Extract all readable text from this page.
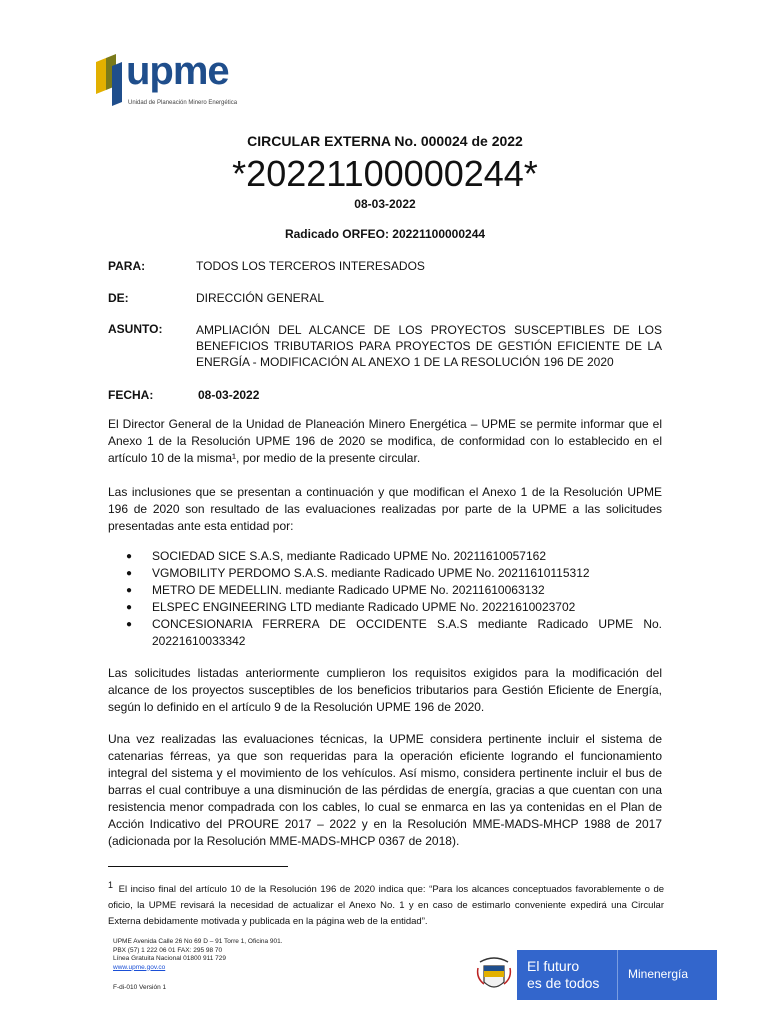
upme
Unidad de Planeación Minero Energética
CIRCULAR EXTERNA No. 000024 de 2022
*20221100000244*
08-03-2022
Radicado ORFEO: 20221100000244
PARA:	TODOS LOS TERCEROS INTERESADOS
DE:	DIRECCIÓN GENERAL
ASUNTO:	AMPLIACIÓN DEL ALCANCE DE LOS PROYECTOS SUSCEPTIBLES DE LOS BENEFICIOS TRIBUTARIOS PARA PROYECTOS DE GESTIÓN EFICIENTE DE LA ENERGÍA - MODIFICACIÓN AL ANEXO 1 DE LA RESOLUCIÓN 196 DE 2020
FECHA:	08-03-2022
El Director General de la Unidad de Planeación Minero Energética – UPME se permite informar que el Anexo 1 de la Resolución UPME 196 de 2020 se modifica, de conformidad con lo establecido en el artículo 10 de la misma¹, por medio de la presente circular.
Las inclusiones que se presentan a continuación y que modifican el Anexo 1 de la Resolución UPME 196 de 2020 son resultado de las evaluaciones realizadas por parte de la UPME a las solicitudes presentadas ante esta entidad por:
● SOCIEDAD SICE S.A.S, mediante Radicado UPME No. 20211610057162
● VGMOBILITY PERDOMO S.A.S. mediante Radicado UPME No. 20211610115312
● METRO DE MEDELLIN. mediante Radicado UPME No. 20211610063132
● ELSPEC ENGINEERING LTD mediante Radicado UPME No. 20221610023702
● CONCESIONARIA FERRERA DE OCCIDENTE S.A.S mediante Radicado UPME No. 20221610033342
Las solicitudes listadas anteriormente cumplieron los requisitos exigidos para la modificación del alcance de los proyectos susceptibles de los beneficios tributarios para Gestión Eficiente de Energía, según lo definido en el artículo 9 de la Resolución UPME 196 de 2020.
Una vez realizadas las evaluaciones técnicas, la UPME considera pertinente incluir el sistema de catenarias férreas, ya que son requeridas para la operación eficiente logrando el funcionamiento integral del sistema y el movimiento de los vehículos. Así mismo, considera pertinente incluir el bus de barras el cual contribuye a una disminución de las pérdidas de energía, gracias a que cuentan con una resistencia menor compadrada con los cables, lo cual se enmarca en las ya contenidas en el Plan de Acción Indicativo del PROURE 2017 – 2022 y en la Resolución MME-MADS-MHCP 1988 de 2017 (adicionada por la Resolución MME-MADS-MHCP 0367 de 2018).
1 El inciso final del artículo 10 de la Resolución 196 de 2020 indica que: “Para los alcances conceptuados favorablemente o de oficio, la UPME revisará la necesidad de actualizar el Anexo No. 1 y en caso de estimarlo conveniente expedirá una Circular Externa debidamente motivada y publicada en la página web de la entidad”.
UPME Avenida Calle 26 No 69 D – 91 Torre 1, Oficina 901.
PBX (57) 1 222 06 01 FAX: 295 98 70
Línea Gratuita Nacional 01800 911 729
www.upme.gov.co
F-di-010 Versión 1
El futuro
es de todos
Minenergía
